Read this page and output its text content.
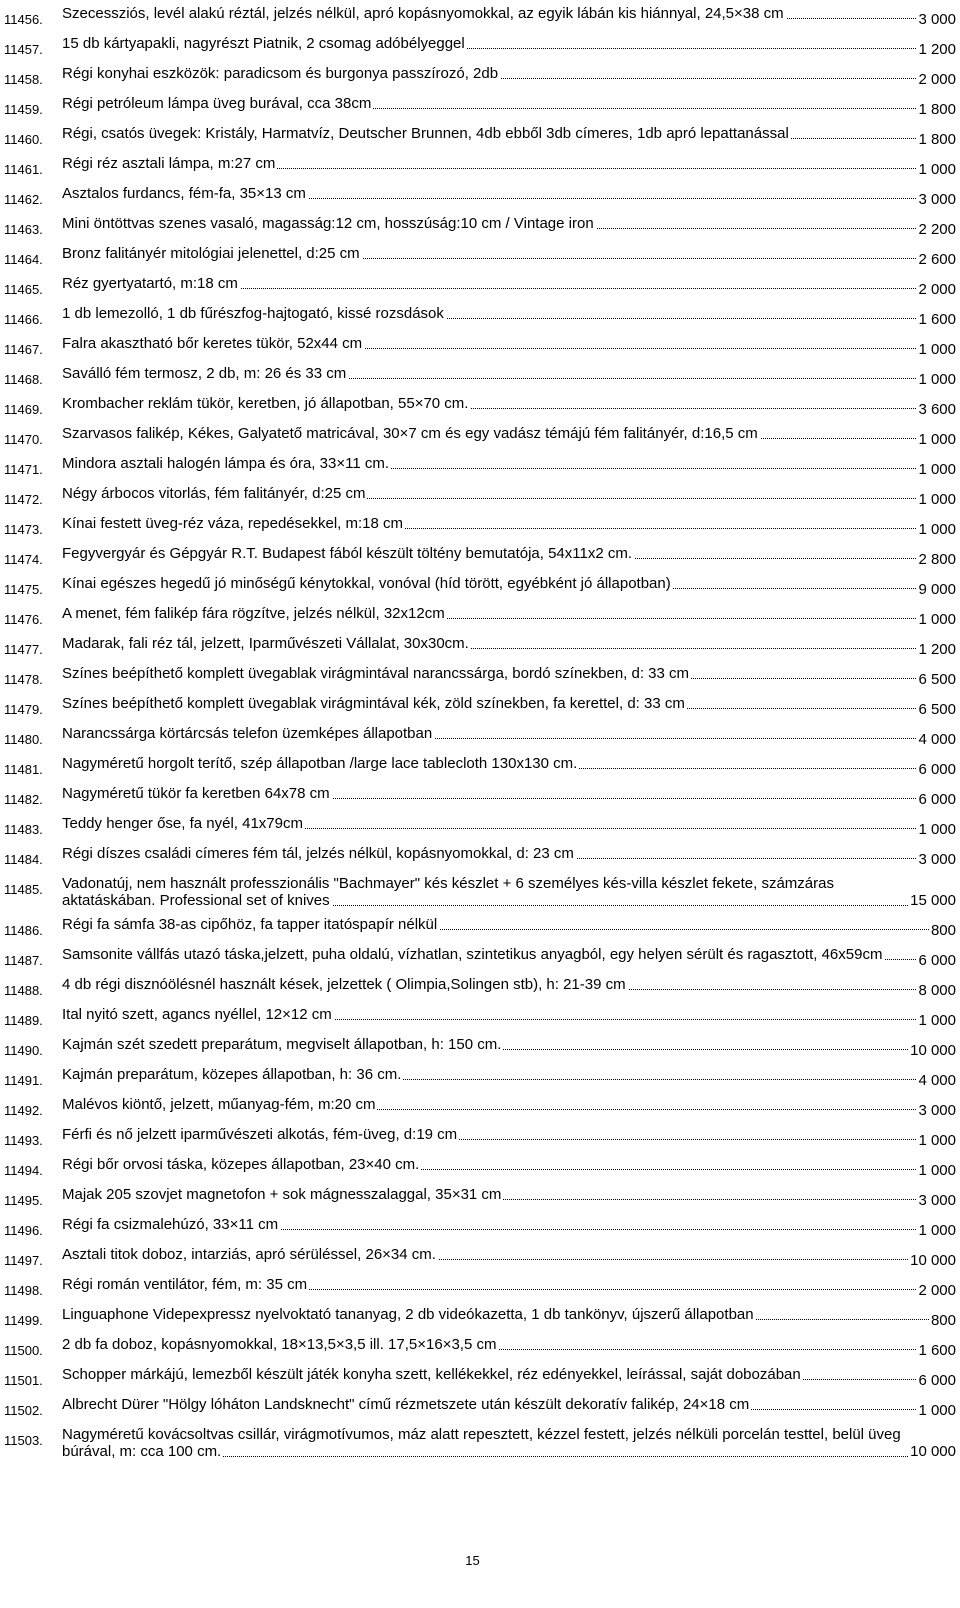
11456.	Szecessziós, levél alakú réztál, jelzés nélkül, apró kopásnyomokkal, az egyik lábán kis hiánnyal, 24,5×38 cm	3 000
11457.	15 db kártyapakli, nagyrészt Piatnik, 2 csomag adóbélyeggel	1 200
11458.	Régi konyhai eszközök: paradicsom és burgonya passzírozó, 2db	2 000
11459.	Régi petróleum lámpa üveg burával, cca 38cm	1 800
11460.	Régi, csatós üvegek: Kristály, Harmatvíz, Deutscher Brunnen, 4db ebből 3db címeres, 1db apró lepattanással	1 800
11461.	Régi réz asztali lámpa, m:27 cm	1 000
11462.	Asztalos furdancs, fém-fa, 35×13 cm	3 000
11463.	Mini öntöttvas szenes vasaló, magasság:12 cm, hosszúság:10 cm / Vintage iron	2 200
11464.	Bronz falitányér mitológiai jelenettel, d:25 cm	2 600
11465.	Réz gyertyatartó, m:18 cm	2 000
11466.	1 db lemezolló, 1 db fűrészfog-hajtogató, kissé rozsdások	1 600
11467.	Falra akasztható bőr keretes tükör, 52x44 cm	1 000
11468.	Saválló fém termosz, 2 db, m: 26 és 33 cm	1 000
11469.	Krombacher reklám tükör, keretben, jó állapotban, 55×70 cm.	3 600
11470.	Szarvasos falikép, Kékes, Galyatető matricával, 30×7 cm és egy vadász témájú fém falitányér, d:16,5 cm	1 000
11471.	Mindora asztali halogén lámpa és óra, 33×11 cm.	1 000
11472.	Négy árbocos vitorlás, fém falitányér, d:25 cm	1 000
11473.	Kínai festett üveg-réz váza, repedésekkel, m:18 cm	1 000
11474.	Fegyvergyár és Gépgyár R.T. Budapest fából készült töltény bemutatója, 54x11x2 cm.	2 800
11475.	Kínai egészes hegedű jó minőségű kénytokkal, vonóval (híd törött, egyébként jó állapotban)	9 000
11476.	A menet, fém falikép fára rögzítve, jelzés nélkül, 32x12cm	1 000
11477.	Madarak, fali réz tál, jelzett, Iparművészeti Vállalat, 30x30cm.	1 200
11478.	Színes beépíthető komplett üvegablak virágmintával narancssárga, bordó színekben, d: 33 cm	6 500
11479.	Színes beépíthető komplett üvegablak virágmintával kék, zöld színekben, fa kerettel, d: 33 cm	6 500
11480.	Narancssárga körtárcsás telefon üzemképes állapotban	4 000
11481.	Nagyméretű horgolt terítő, szép állapotban /large lace tablecloth 130x130 cm.	6 000
11482.	Nagyméretű tükör fa keretben 64x78 cm	6 000
11483.	Teddy henger őse, fa nyél, 41x79cm	1 000
11484.	Régi díszes családi címeres fém tál, jelzés nélkül, kopásnyomokkal, d: 23 cm	3 000
11485.	Vadonatúj, nem használt professzionális "Bachmayer" kés készlet + 6 személyes kés-villa készlet fekete, számzáras aktatáskában. Professional set of knives	15 000
11486.	Régi fa sámfa 38-as cipőhöz, fa tapper itatóspapír nélkül	800
11487.	Samsonite vállfás utazó táska,jelzett, puha oldalú, vízhatlan, szintetikus anyagból, egy helyen sérült és ragasztott, 46x59cm	6 000
11488.	4 db régi disznóölésnél használt kések, jelzettek ( Olimpia,Solingen stb), h: 21-39 cm	8 000
11489.	Ital nyitó szett, agancs nyéllel, 12×12 cm	1 000
11490.	Kajmán szét szedett preparátum, megviselt állapotban, h: 150 cm.	10 000
11491.	Kajmán preparátum, közepes állapotban, h: 36 cm.	4 000
11492.	Malévos kiöntő, jelzett, műanyag-fém, m:20 cm	3 000
11493.	Férfi és nő jelzett iparművészeti alkotás, fém-üveg, d:19 cm	1 000
11494.	Régi bőr orvosi táska, közepes állapotban, 23×40 cm.	1 000
11495.	Majak 205 szovjet magnetofon + sok mágnesszalaggal, 35×31 cm	3 000
11496.	Régi fa csizmalehúzó, 33×11 cm	1 000
11497.	Asztali titok doboz, intarziás, apró sérüléssel, 26×34 cm.	10 000
11498.	Régi román ventilátor, fém, m: 35 cm	2 000
11499.	Linguaphone Videpexpressz nyelvoktató tananyag, 2 db videókazetta, 1 db tankönyv, újszerű állapotban	800
11500.	2 db fa doboz, kopásnyomokkal, 18×13,5×3,5 ill. 17,5×16×3,5 cm	1 600
11501.	Schopper márkájú, lemezből készült játék konyha szett, kellékekkel, réz edényekkel, leírással, saját dobozában	6 000
11502.	Albrecht Dürer "Hölgy lóháton Landsknecht" című rézmetszete után készült dekoratív falikép, 24×18 cm	1 000
11503.	Nagyméretű kovácsoltvas csillár, virágmotívumos, máz alatt repesztett, kézzel festett, jelzés nélküli porcelán testtel, belül üveg búrával, m: cca 100 cm.	10 000
15
